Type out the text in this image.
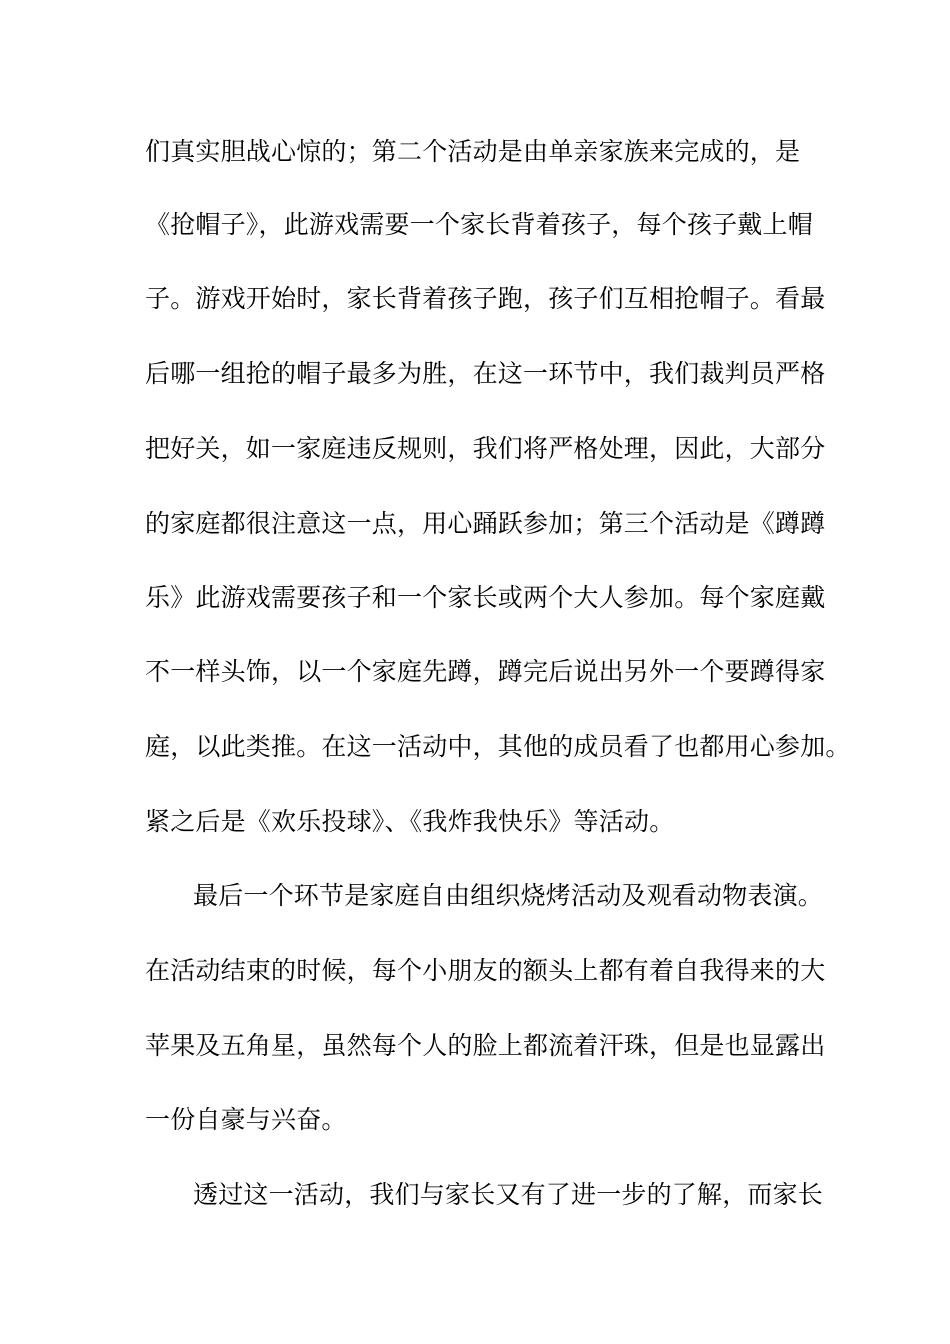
们真实胆战心惊的；第二个活动是由单亲家族来完成的，是
《抢帽子》，此游戏需要一个家长背着孩子，每个孩子戴上帽
子。游戏开始时，家长背着孩子跑，孩子们互相抢帽子。看最
后哪一组抢的帽子最多为胜，在这一环节中，我们裁判员严格
把好关，如一家庭违反规则，我们将严格处理，因此，大部分
的家庭都很注意这一点，用心踊跃参加；第三个活动是《蹲蹲
乐》此游戏需要孩子和一个家长或两个大人参加。每个家庭戴
不一样头饰，以一个家庭先蹲，蹲完后说出另外一个要蹲得家
庭，以此类推。在这一活动中，其他的成员看了也都用心参加。
紧之后是《欢乐投球》、《我炸我快乐》等活动。
最后一个环节是家庭自由组织烧烤活动及观看动物表演。
在活动结束的时候，每个小朋友的额头上都有着自我得来的大
苹果及五角星，虽然每个人的脸上都流着汗珠，但是也显露出
一份自豪与兴奋。
透过这一活动，我们与家长又有了进一步的了解，而家长
